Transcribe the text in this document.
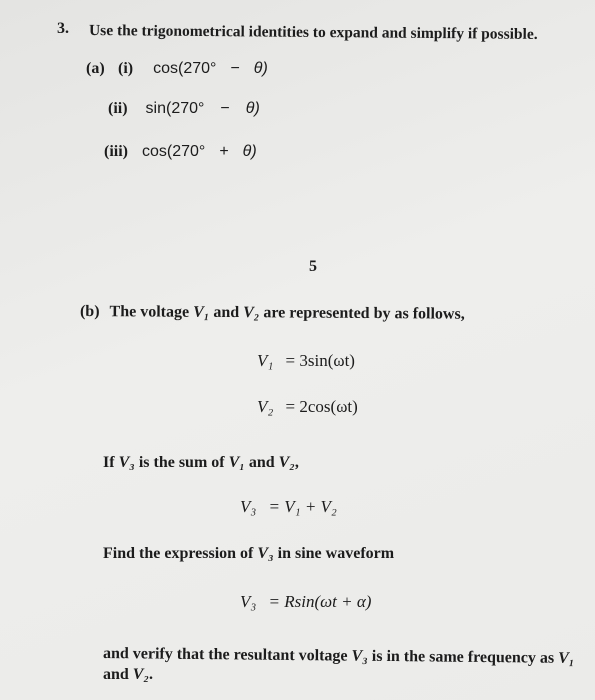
3. Use the trigonometrical identities to expand and simplify if possible.
(a) (i) cos(270° − θ)
(ii) sin(270° − θ)
(iii) cos(270° + θ)
5
(b) The voltage V₁ and V₂ are represented by as follows,
V₁ = 3sin(ωt)
V₂ = 2cos(ωt)
If V₃ is the sum of V₁ and V₂,
V₃ = V₁ + V₂
Find the expression of V₃ in sine waveform
V₃ = Rsin(ωt + α)
and verify that the resultant voltage V₃ is in the same frequency as V₁
and V₂.
